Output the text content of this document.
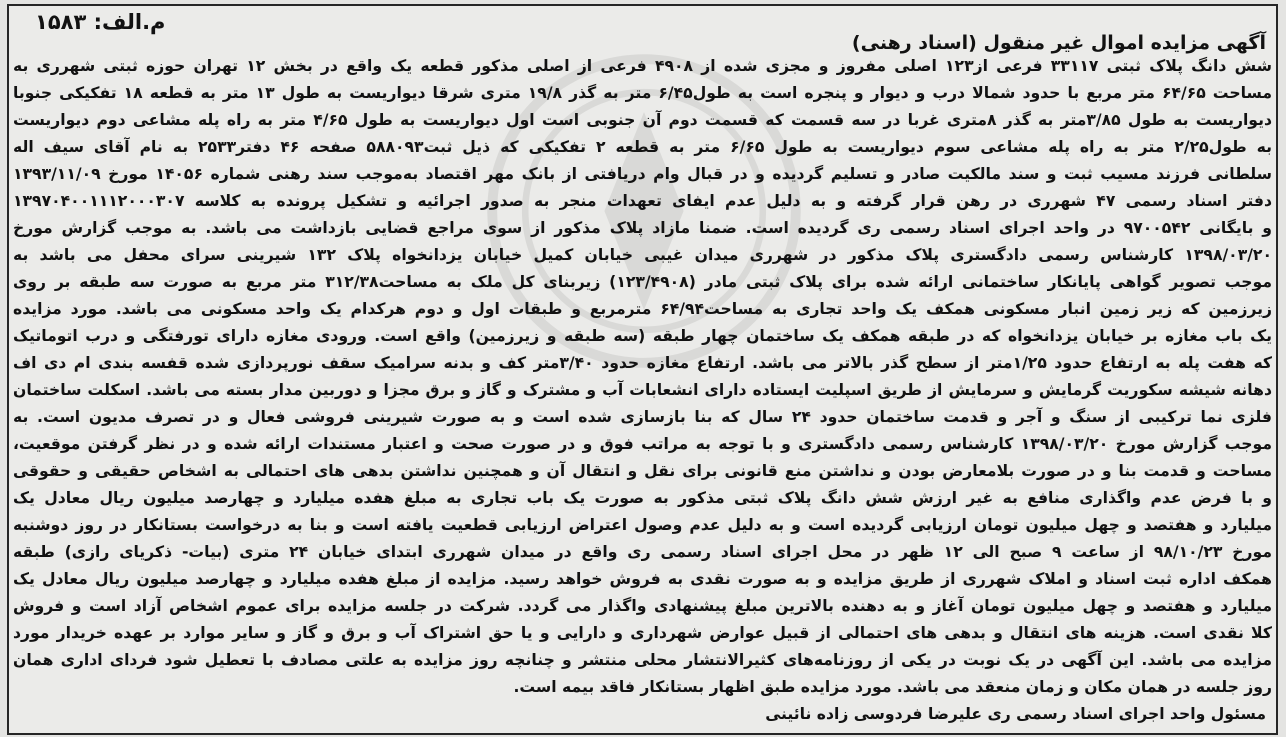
م.الف: ۱۵۸۳
آگهی مزایده اموال غیر منقول (اسناد رهنی)
شش دانگ پلاک ثبتی ۳۳۱۱۷ فرعی از۱۲۳ اصلی مفروز و مجزی شده از ۴۹۰۸ فرعی از اصلی مذکور قطعه یک واقع در بخش ۱۲ تهران حوزه ثبتی شهرری به
مساحت ۶۴/۶۵ متر مربع با حدود شمالا درب و دیوار و پنجره است به طول۶/۴۵ متر به گذر ۱۹/۸ متری شرقا دیواریست به طول ۱۳ متر به قطعه ۱۸ تفکیکی جنوبا
دیواریست به طول ۳/۸۵متر به گذر ۸متری غربا در سه قسمت که قسمت دوم آن جنوبی است اول دیواریست به طول ۴/۶۵ متر به راه پله مشاعی دوم دیواریست
به طول۲/۲۵ متر به راه پله مشاعی سوم دیواریست به طول ۶/۶۵ متر به قطعه ۲ تفکیکی که ذیل ثبت۵۸۸۰۹۳ صفحه ۴۶ دفتر۲۵۳۳ به نام آقای سیف اله
سلطانی فرزند مسیب ثبت و سند مالکیت صادر و تسلیم گردیده و در قبال وام دریافتی از بانک مهر اقتصاد به‌موجب سند رهنی شماره ۱۴۰۵۶ مورخ ۱۳۹۳/۱۱/۰۹
دفتر اسناد رسمی ۴۷ شهرری در رهن قرار گرفته و به دلیل عدم ایفای تعهدات منجر به صدور اجرائیه و تشکیل پرونده به کلاسه ۱۳۹۷۰۴۰۰۱۱۱۲۰۰۰۳۰۷
و بایگانی ۹۷۰۰۵۴۲ در واحد اجرای اسناد رسمی ری گردیده است. ضمنا مازاد پلاک مذکور از سوی مراجع قضایی بازداشت می باشد. به موجب گزارش مورخ
۱۳۹۸/۰۳/۲۰ کارشناس رسمی دادگستری پلاک مذکور در شهرری میدان غیبی خیابان کمیل خیابان یزدانخواه پلاک ۱۳۲ شیرینی سرای محفل می باشد به
موجب تصویر گواهی پایانکار ساختمانی ارائه شده برای پلاک ثبتی مادر (۱۲۳/۴۹۰۸) زیربنای کل ملک به مساحت۳۱۲/۳۸ متر مربع به صورت سه طبقه بر روی
زیرزمین که زیر زمین انبار مسکونی همکف یک واحد تجاری به مساحت۶۴/۹۴ مترمربع و طبقات اول و دوم هرکدام یک واحد مسکونی می باشد. مورد مزایده
یک باب مغازه بر خیابان یزدانخواه که در طبقه همکف یک ساختمان چهار طبقه (سه طبقه و زیرزمین) واقع است. ورودی مغازه دارای تورفتگی و درب اتوماتیک
که هفت پله به ارتفاع حدود ۱/۲۵متر از سطح گذر بالاتر می باشد. ارتفاع مغازه حدود ۳/۴۰متر کف و بدنه سرامیک سقف نورپردازی شده قفسه بندی ام دی اف
دهانه شیشه سکوریت گرمایش و سرمایش از طریق اسپلیت ایستاده دارای انشعابات آب و مشترک و گاز و برق مجزا و دوربین مدار بسته می باشد. اسکلت ساختمان
فلزی نما ترکیبی از سنگ و آجر و قدمت ساختمان حدود ۲۴ سال که بنا بازسازی شده است و به صورت شیرینی فروشی فعال و در تصرف مدیون است. به
موجب گزارش مورخ ۱۳۹۸/۰۳/۲۰ کارشناس رسمی دادگستری و با توجه به مراتب فوق و در صورت صحت و اعتبار مستندات ارائه شده و در نظر گرفتن موقعیت،
مساحت و قدمت بنا و در صورت بلامعارض بودن و نداشتن منع قانونی برای نقل و انتقال آن و همچنین نداشتن بدهی های احتمالی به اشخاص حقیقی و حقوقی
و با فرض عدم واگذاری منافع به غیر ارزش شش دانگ پلاک ثبتی مذکور به صورت یک باب تجاری به مبلغ هفده میلیارد و چهارصد میلیون ریال معادل یک
میلیارد و هفتصد و چهل میلیون تومان ارزیابی گردیده است و به دلیل عدم وصول اعتراض ارزیابی قطعیت یافته است و بنا به درخواست بستانکار در روز دوشنبه
مورخ ۹۸/۱۰/۲۳ از ساعت ۹ صبح الی ۱۲ ظهر در محل اجرای اسناد رسمی ری واقع در میدان شهرری ابتدای خیابان ۲۴ متری (بیات- ذکریای رازی) طبقه
همکف اداره ثبت اسناد و املاک شهرری از طریق مزایده و به صورت نقدی به فروش خواهد رسید. مزایده از مبلغ هفده میلیارد و چهارصد میلیون ریال معادل یک
میلیارد و هفتصد و چهل میلیون تومان آغاز و به دهنده بالاترین مبلغ پیشنهادی واگذار می گردد. شرکت در جلسه مزایده برای عموم اشخاص آزاد است و فروش
کلا نقدی است. هزینه های انتقال و بدهی های احتمالی از قبیل عوارض شهرداری و دارایی و یا حق اشتراک آب و برق و گاز و سایر موارد بر عهده خریدار مورد
مزایده می باشد. این آگهی در یک نوبت در یکی از روزنامه‌های کثیرالانتشار محلی منتشر و چنانچه روز مزایده به علتی مصادف با تعطیل شود فردای اداری همان
روز جلسه در همان مکان و زمان منعقد می باشد. مورد مزایده طبق اظهار بستانکار فاقد بیمه است.
مسئول واحد اجرای اسناد رسمی ری علیرضا فردوسی زاده نائینی
